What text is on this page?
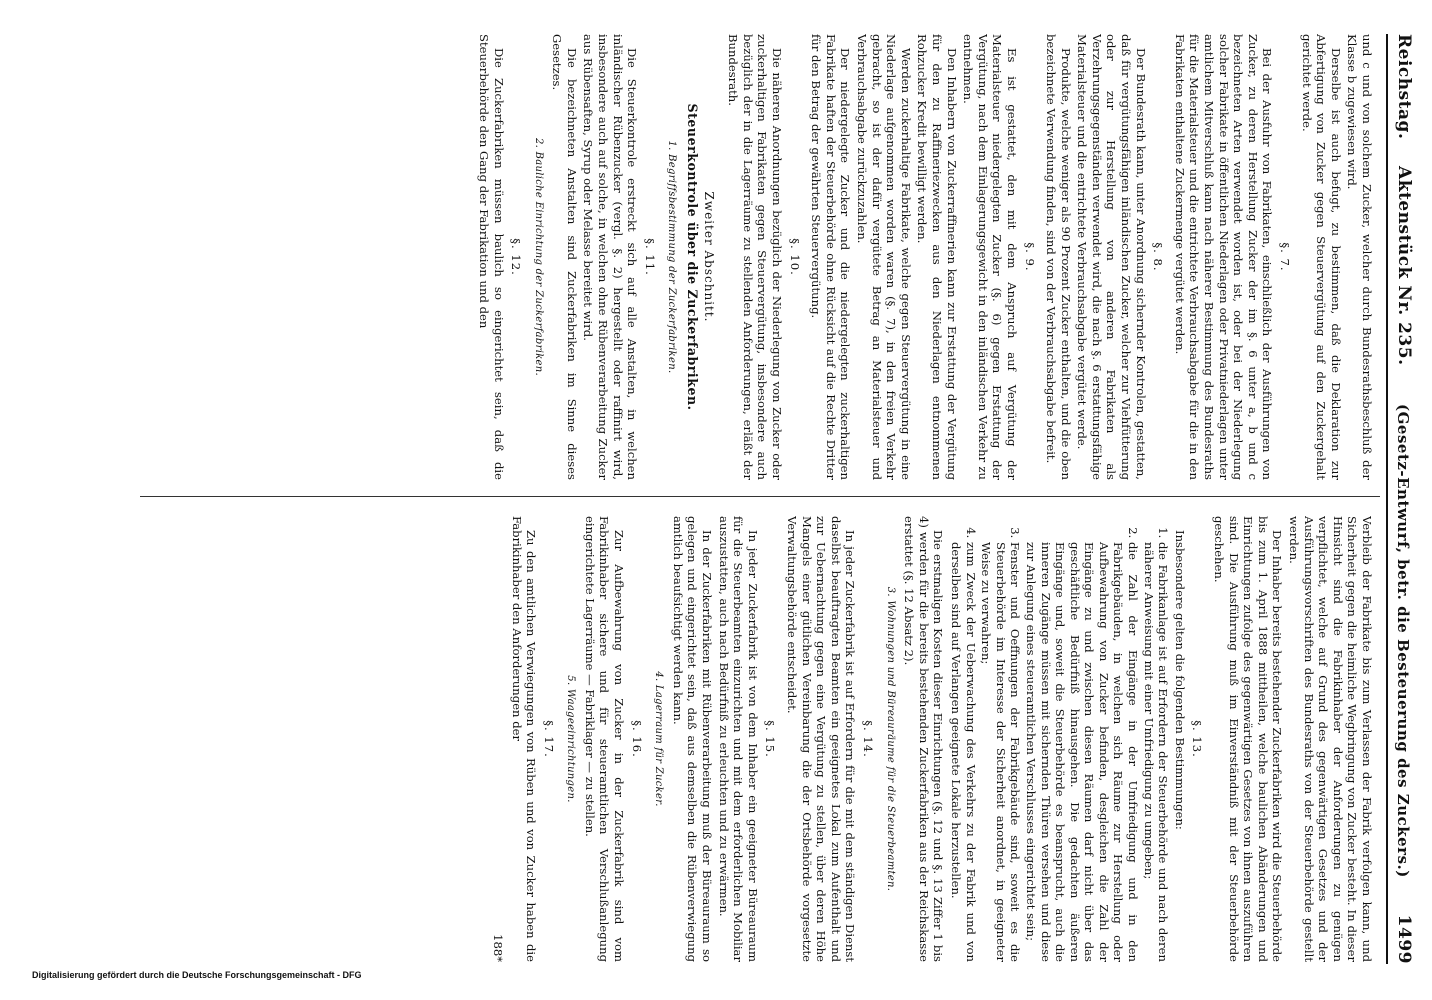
Reichstag.
Aktenstück Nr. 235.
(Gesetz-Entwurf, betr. die Besteuerung des Zuckers.)
1499

und c und von solchem Zucker, welcher durch Bundesrathsbeschluß der Klasse b zugewiesen wird.

Derselbe ist auch befugt, zu bestimmen, daß die Deklaration zur Abfertigung von Zucker gegen Steuervergütung auf den Zuckergehalt gerichtet werde.

§. 7.

Bei der Ausfuhr von Fabrikaten, einschließlich der Ausführungen von Zucker, zu deren Herstellung Zucker der im §. 6 unter a, b und c bezeichneten Arten verwendet worden ist, oder bei der Niederlegung solcher Fabrikate in öffentlichen Niederlagen oder Privatniederlagen unter amtlichem Mitverschluß kann nach näherer Bestimmung des Bundesraths für die Materialsteuer und die entrichtete Verbrauchsabgabe für die in den Fabrikaten enthaltene Zuckermenge vergütet werden.

§. 8.

Der Bundesrath kann, unter Anordnung sichernder Kontrolen, gestatten, daß für vergütungsfähigen inländischen Zucker, welcher zur Viehfütterung oder zur Herstellung von anderen Fabrikaten als Verzehrungsgegenständen verwendet wird, die nach §. 6 erstattungsfähige Materialsteuer und die entrichtete Verbrauchsabgabe vergütet werde.

Produkte, welche weniger als 90 Prozent Zucker enthalten, und die oben bezeichnete Verwendung finden, sind von der Verbrauchsabgabe befreit.

§. 9.

Es ist gestattet, den mit dem Anspruch auf Vergütung der Materialsteuer niedergelegten Zucker (§. 6) gegen Erstattung der Vergütung, nach dem Einlagerungsgewicht in den inländischen Verkehr zu entnehmen.

Den Inhabern von Zuckerraffinerien kann zur Erstattung der Vergütung für den zu Raffineriezwecken aus den Niederlagen entnommenen Rohzucker Kredit bewilligt werden.

Werden zuckerhaltige Fabrikate, welche gegen Steuervergütung in eine Niederlage aufgenommen worden waren (§. 7), in den freien Verkehr gebracht, so ist der dafür vergütete Betrag an Materialsteuer und Verbrauchsabgabe zurückzuzahlen.

Der niedergelegte Zucker und die niedergelegten zuckerhaltigen Fabrikate haften der Steuerbehörde ohne Rücksicht auf die Rechte Dritter für den Betrag der gewährten Steuervergütung.

§. 10.

Die näheren Anordnungen bezüglich der Niederlegung von Zucker oder zuckerhaltigen Fabrikaten gegen Steuervergütung, insbesondere auch bezüglich der in die Lagerräume zu stellenden Anforderungen, erläßt der Bundesrath.

Zweiter Abschnitt.
Steuerkontrole über die Zuckerfabriken.
1. Begriffsbestimmung der Zuckerfabriken.
§. 11.

Die Steuerkontrole erstreckt sich auf alle Anstalten, in welchen inländischer Rübenzucker (vergl. §. 2) hergestellt oder raffinirt wird, insbesondere auch auf solche, in welchen ohne Rübenverarbeitung Zucker aus Rübensaften, Syrup oder Melasse bereitet wird.

Die bezeichneten Anstalten sind Zuckerfabriken im Sinne dieses Gesetzes.

2. Bauliche Einrichtung der Zuckerfabriken.
§. 12.

Die Zuckerfabriken müssen baulich so eingerichtet sein, daß die Steuerbehörde den Gang der Fabrikation und den

Verbleib der Fabrikate bis zum Verlassen der Fabrik verfolgen kann, und Sicherheit gegen die heimliche Wegbringung von Zucker besteht. In dieser Hinsicht sind die Fabrikinhaber der Anforderungen zu genügen verpflichtet, welche auf Grund des gegenwärtigen Gesetzes und der Ausführungsvorschriften des Bundesraths von der Steuerbehörde gestellt werden.

Der Inhaber bereits bestehender Zuckerfabriken wird die Steuerbehörde bis zum 1. April 1888 mittheilen, welche baulichen Abänderungen und Einrichtungen zufolge des gegenwärtigen Gesetzes von ihnen auszuführen sind. Die Ausführung muß im Einverständniß mit der Steuerbehörde geschehen.

§. 13.

Insbesondere gelten die folgenden Bestimmungen:

1. die Fabrikanlage ist auf Erfordern der Steuerbehörde und nach deren näherer Anweisung mit einer Umfriedigung zu umgeben;
2. die Zahl der Eingänge in der Umfriedigung und in den Fabrikgebäuden, in welchen sich Räume zur Herstellung oder Aufbewahrung von Zucker befinden, desgleichen die Zahl der Eingänge zu und zwischen diesen Räumen darf nicht über das geschäftliche Bedürfniß hinausgehen. Die gedachten äußeren Eingänge und, soweit die Steuerbehörde es beansprucht, auch die inneren Zugänge müssen mit sichernden Thüren versehen und diese zur Anlegung eines steueramtlichen Verschlusses eingerichtet sein;
3. Fenster und Oeffnungen der Fabrikgebäude sind, soweit es die Steuerbehörde im Interesse der Sicherheit anordnet, in geeigneter Weise zu verwahren;
4. zum Zweck der Ueberwachung des Verkehrs zu der Fabrik und von derselben sind auf Verlangen geeignete Lokale herzustellen.

Die erstmaligen Kosten dieser Einrichtungen (§. 12 und §. 13 Ziffer 1 bis 4) werden für die bereits bestehenden Zuckerfabriken aus der Reichskasse erstattet (§. 12 Absatz 2).

3. Wohnungen und Büreauräume für die Steuerbeamten.
§. 14.

In jeder Zuckerfabrik ist auf Erfordern für die mit dem ständigen Dienst daselbst beauftragten Beamten ein geeignetes Lokal zum Aufenthalt und zur Uebernachtung gegen eine Vergütung zu stellen, über deren Höhe Mangels einer gütlichen Vereinbarung die der Ortsbehörde vorgesetzte Verwaltungsbehörde entscheidet.

§. 15.

In jeder Zuckerfabrik ist von dem Inhaber ein geeigneter Büreauraum für die Steuerbeamten einzurichten und mit dem erforderlichen Mobiliar auszustatten, auch nach Bedürfniß zu erleuchten und zu erwärmen.

In der Zuckerfabriken mit Rübenverarbeitung muß der Büreauraum so gelegen und eingerichtet sein, daß aus demselben die Rübenverwiegung amtlich beaufsichtigt werden kann.

4. Lagerraum für Zucker.
§. 16.

Zur Aufbewahrung von Zucker in der Zuckerfabrik sind vom Fabrikinhaber sichere und für steueramtlichen Verschlußanlegung eingerichtete Lagerräume — Fabriklager — zu stellen.

5. Waageeinrichtungen.
§. 17.

Zu den amtlichen Verwiegungen von Rüben und von Zucker haben die Fabrikinhaber den Anforderungen der

188*
Digitalisierung gefördert durch die Deutsche Forschungsgemeinschaft - DFG
